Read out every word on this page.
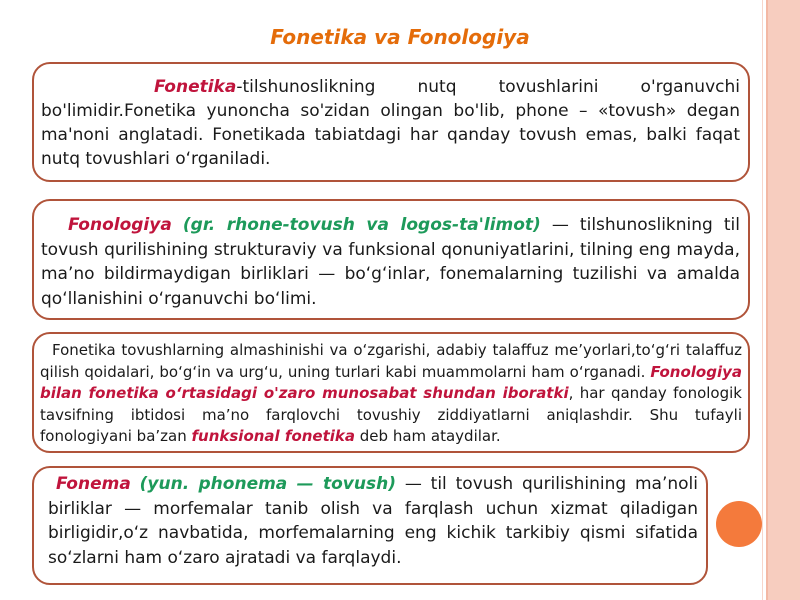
Fonetika va Fonologiya
Fonetika-tilshunoslikning nutq tovushlarini o'rganuvchi bo'limidir.Fonetika yunoncha so'zidan olingan bo'lib, phone – «tovush» degan ma'noni anglatadi. Fonetikada tabiatdagi har qanday tovush emas, balki faqat nutq tovushlari o‘rganiladi.
Fonologiya (gr. rhone-tovush va logos-ta'limot) — tilshunoslikning til tovush qurilishining strukturaviy va funksional qonuniyatlarini, tilning eng mayda, ma’no bildirmaydigan birliklari — bo‘g‘inlar, fonemalarning tuzilishi va amalda qo‘llanishini o‘rganuvchi bo‘limi.
Fonetika tovushlarning almashinishi va o‘zgarishi, adabiy talaffuz me’yorlari,to‘g‘ri talaffuz qilish qoidalari, bo‘g‘in va urg‘u, uning turlari kabi muammolarni ham o‘rganadi. Fonologiya bilan fonetika o‘rtasidagi o'zaro munosabat shundan iboratki, har qanday fonologik tavsifning ibtidosi ma’no farqlovchi tovushiy ziddiyatlarni aniqlashdir. Shu tufayli fonologiyani ba’zan funksional fonetika deb ham ataydilar.
Fonema (yun. phonema — tovush) — til tovush qurilishining ma’noli birliklar — morfemalar tanib olish va farqlash uchun xizmat qiladigan birligidir,o‘z navbatida, morfemalarning eng kichik tarkibiy qismi sifatida so‘zlarni ham o‘zaro ajratadi va farqlaydi.
